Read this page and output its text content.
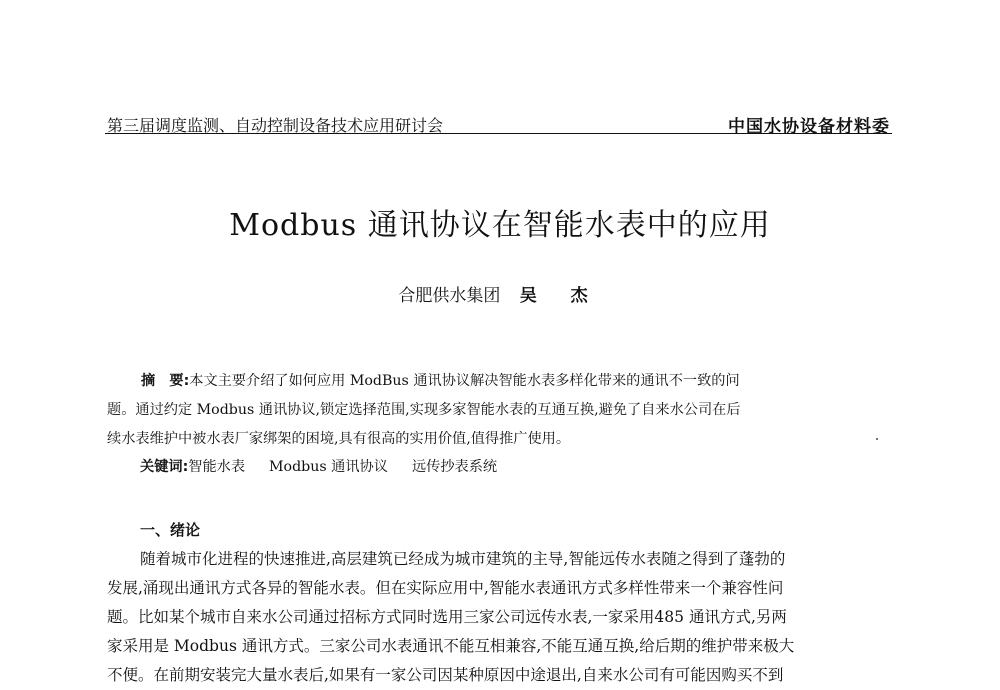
第三届调度监测、自动控制设备技术应用研讨会	中国水协设备材料委
Modbus 通讯协议在智能水表中的应用
合肥供水集团 吴 杰
摘　要:本文主要介绍了如何应用 ModBus 通讯协议解决智能水表多样化带来的通讯不一致的问
题。通过约定 Modbus 通讯协议,锁定选择范围,实现多家智能水表的互通互换,避免了自来水公司在后
续水表维护中被水表厂家绑架的困境,具有很高的实用价值,值得推广使用。
关键词:智能水表 Modbus 通讯协议 远传抄表系统
一、绪论
随着城市化进程的快速推进,高层建筑已经成为城市建筑的主导,智能远传水表随之得到了蓬勃的
发展,涌现出通讯方式各异的智能水表。但在实际应用中,智能水表通讯方式多样性带来一个兼容性问
题。比如某个城市自来水公司通过招标方式同时选用三家公司远传水表,一家采用485 通讯方式,另两
家采用是 Modbus 通讯方式。三家公司水表通讯不能互相兼容,不能互通互换,给后期的维护带来极大
不便。在前期安装完大量水表后,如果有一家公司因某种原因中途退出,自来水公司有可能因购买不到
